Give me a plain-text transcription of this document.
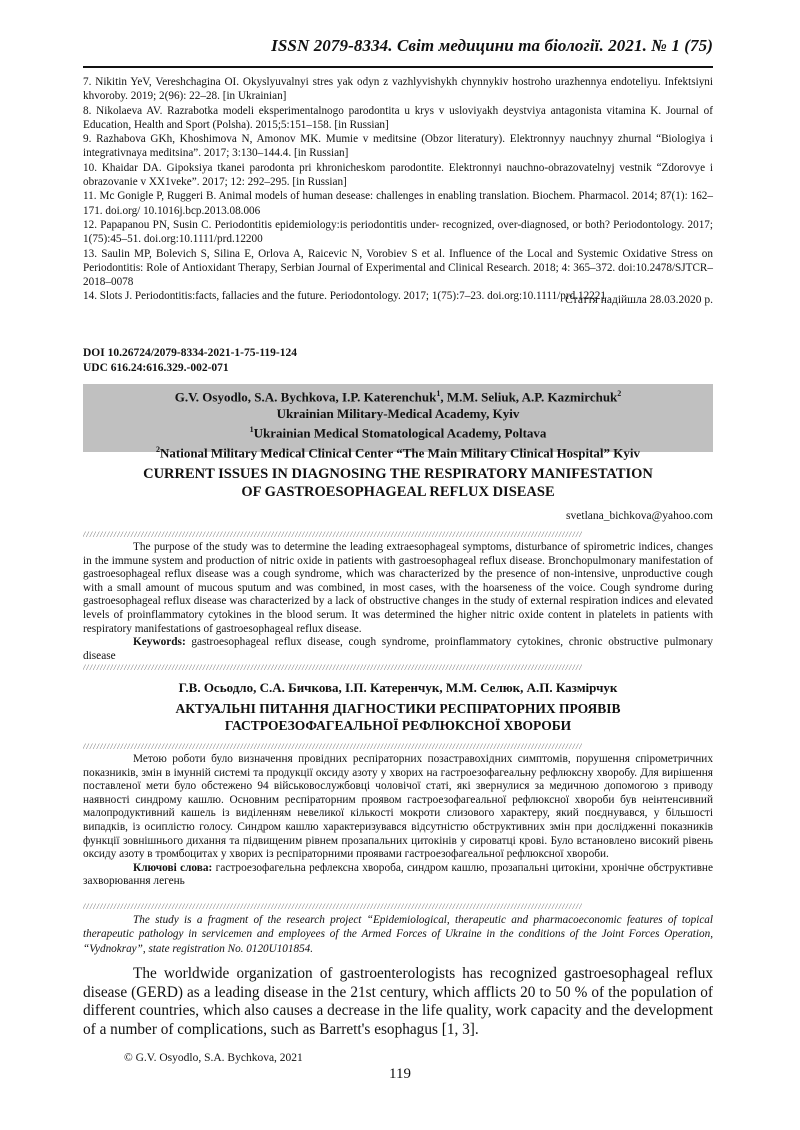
ISSN 2079-8334. Світ медицини та біології. 2021. № 1 (75)

7. Nikitin YeV, Vereshchagina OI. Okyslyuvalnyi stres yak odyn z vazhlyvishykh chynnykiv hostroho urazhennya endoteliyu. Infektsiyni khvoroby. 2019; 2(96): 22–28. [in Ukrainian]

8. Nikolaeva AV. Razrabotka modeli eksperimentalnogo parodontita u krys v usloviyakh deystviya antagonista vitamina K. Journal of Education, Health and Sport (Polsha). 2015;5:151–158. [in Russian]

9. Razhabova GKh, Khoshimova N, Amonov MK. Mumie v meditsine (Obzor literatury). Elektronnyy nauchnyy zhurnal “Biologiya i integrativnaya meditsina”. 2017; 3:130–144.4. [in Russian]

10. Khaidar DA. Gipoksiya tkanei parodonta pri khronicheskom parodontite. Elektronnyi nauchno-obrazovatelnyj vestnik “Zdorovye i obrazovanie v XX1veke”. 2017; 12: 292–295. [in Russian]

11. Mc Gonigle P, Ruggeri B. Animal models of human desease: challenges in enabling translation. Biochem. Pharmacol. 2014; 87(1): 162–171. doi.org/ 10.1016j.bcp.2013.08.006

12. Papapanou PN, Susin C. Periodontitis epidemiology:is periodontitis under- recognized, over-diagnosed, or both? Periodontology. 2017; 1(75):45–51. doi.org:10.1111/prd.12200

13. Saulin MP, Bolevich S, Silina E, Orlova A, Raicevic N, Vorobiev S et al. Influence of the Local and Systemic Oxidative Stress on Periodontitis: Role of Antioxidant Therapy, Serbian Journal of Experimental and Clinical Research. 2018; 4: 365–372. doi:10.2478/SJTCR–2018–0078

14. Slots J. Periodontitis:facts, fallacies and the future. Periodontology. 2017; 1(75):7–23. doi.org:10.1111/prd.12221

Стаття надійшла 28.03.2020 р.
DOI 10.26724/2079-8334-2021-1-75-119-124
UDC 616.24:616.329.-002-071
G.V. Osyodlo, S.A. Bychkova, I.P. Katerenchuk$^1$, M.M. Seliuk, A.P. Kazmirchuk$^2$
Ukrainian Military-Medical Academy, Kyiv
$^1$Ukrainian Medical Stomatological Academy, Poltava
$^2$National Military Medical Clinical Center “The Main Military Clinical Hospital” Kyiv
CURRENT ISSUES IN DIAGNOSING THE RESPIRATORY MANIFESTATION
OF GASTROESOPHAGEAL REFLUX DISEASE
svetlana_bichkova@yahoo.com
//////////////////////////////////////////////////////////////////////////////////////////////////////////////////////////////////////////////////

The purpose of the study was to determine the leading extraesophageal symptoms, disturbance of spirometric indices, changes in the immune system and production of nitric oxide in patients with gastroesophageal reflux disease. Bronchopulmonary manifestation of gastroesophageal reflux disease was a cough syndrome, which was characterized by the presence of non-intensive, unproductive cough with a small amount of mucous sputum and was combined, in most cases, with the hoarseness of the voice. Cough syndrome during gastroesophageal reflux disease was characterized by a lack of obstructive changes in the study of external respiration indices and elevated levels of proinflammatory cytokines in the blood serum. It was determined the higher nitric oxide content in platelets in patients with respiratory manifestations of gastroesophageal reflux disease.

Keywords: gastroesophageal reflux disease, cough syndrome, proinflammatory cytokines, chronic obstructive pulmonary disease

//////////////////////////////////////////////////////////////////////////////////////////////////////////////////////////////////////////////////
Г.В. Осьодло, С.А. Бичкова, І.П. Катеренчук, М.М. Селюк, А.П. Казмірчук
АКТУАЛЬНІ ПИТАННЯ ДІАГНОСТИКИ РЕСПІРАТОРНИХ ПРОЯВІВ
ГАСТРОЕЗОФАГЕАЛЬНОЇ РЕФЛЮКСНОЇ ХВОРОБИ
//////////////////////////////////////////////////////////////////////////////////////////////////////////////////////////////////////////////////

Метою роботи було визначення провідних респіраторних позастравохідних симптомів, порушення спірометричних показників, змін в імунній системі та продукції оксиду азоту у хворих на гастроезофагеальну рефлюксну хворобу. Для вирішення поставленої мети було обстежено 94 військовослужбовці чоловічої статі, які звернулися за медичною допомогою з приводу наявності синдрому кашлю. Основним респіраторним проявом гастроезофагеальної рефлюксної хвороби був неінтенсивний малопродуктивний кашель із виділенням невеликої кількості мокроти слизового характеру, який поєднувався, у більшості випадків, із осиплістю голосу. Синдром кашлю характеризувався відсутністю обструктивних змін при дослідженні показників функції зовнішнього дихання та підвищеним рівнем прозапальних цитокінів у сироватці крові. Було встановлено високий рівень оксиду азоту в тромбоцитах у хворих із респіраторними проявами гастроезофагеальної рефлюксної хвороби.

Ключові слова: гастроезофагельна рефлексна хвороба, синдром кашлю, прозапальні цитокіни, хронічне обструктивне захворювання легень

//////////////////////////////////////////////////////////////////////////////////////////////////////////////////////////////////////////////////

The study is a fragment of the research project “Epidemiological, therapeutic and pharmacoeconomic features of topical therapeutic pathology in servicemen and employees of the Armed Forces of Ukraine in the conditions of the Joint Forces Operation, “Vydnokray”, state registration No. 0120U101854.

The worldwide organization of gastroenterologists has recognized gastroesophageal reflux disease (GERD) as a leading disease in the 21st century, which afflicts 20 to 50 % of the population of different countries, which also causes a decrease in the life quality, work capacity and the development of a number of complications, such as Barrett's esophagus [1, 3].

© G.V. Osyodlo, S.A. Bychkova, 2021
119
